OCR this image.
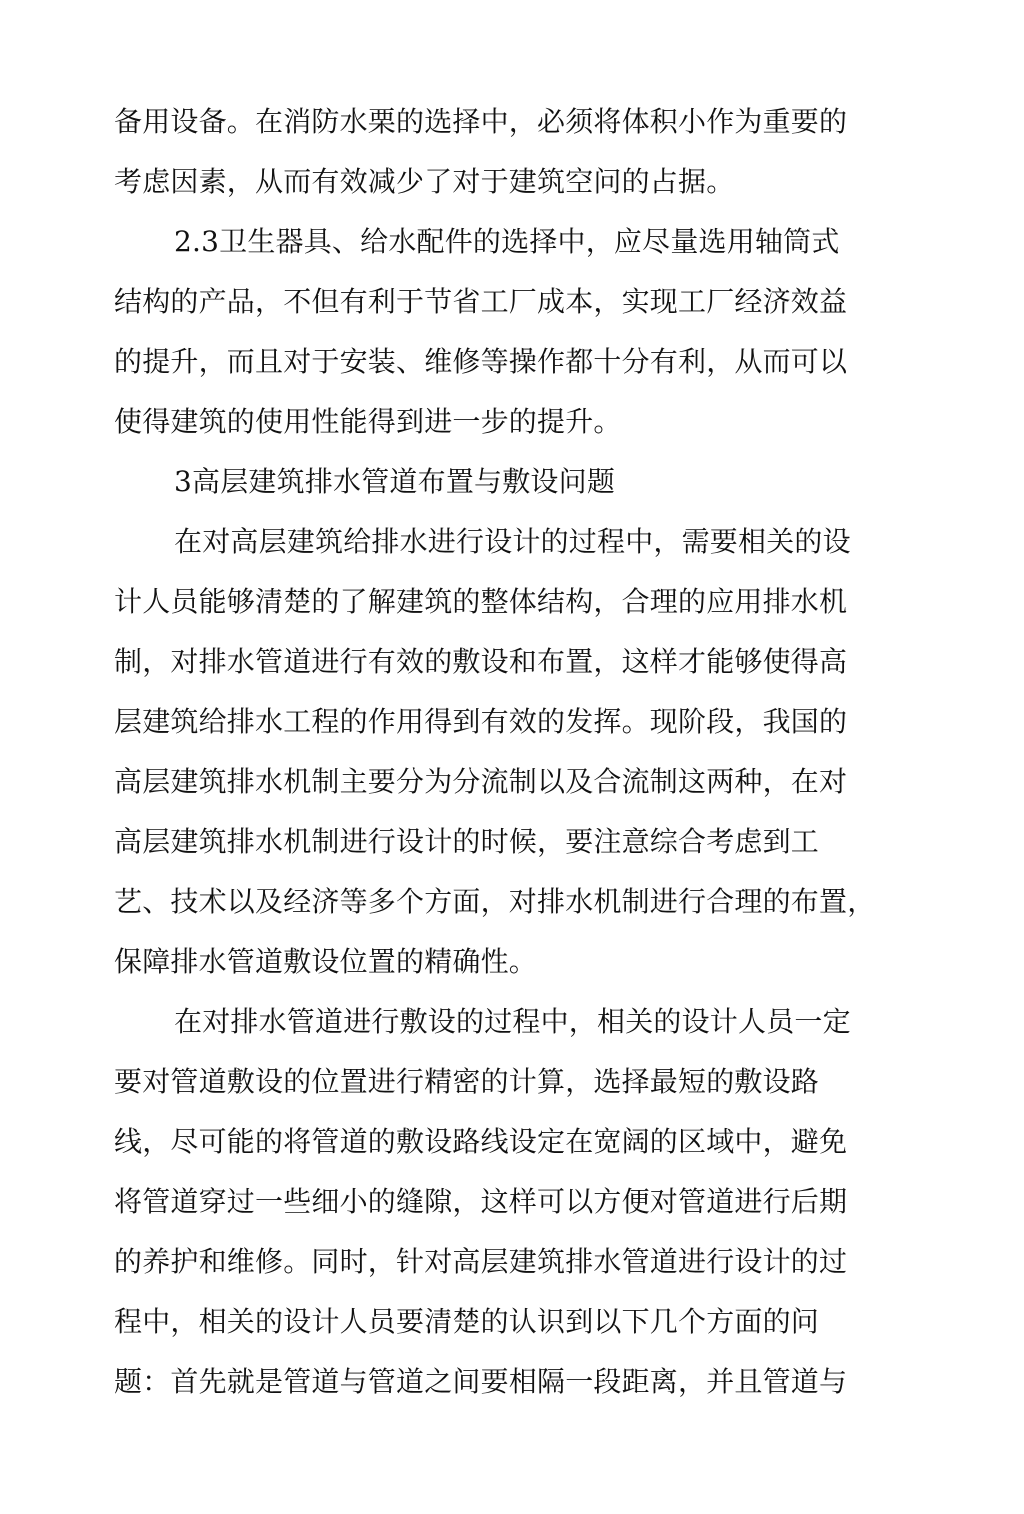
备用设备。在消防水栗的选择中，必须将体积小作为重要的
考虑因素，从而有效减少了对于建筑空问的占据。
2.3卫生器具、给水配件的选择中，应尽量选用轴筒式
结构的产品，不但有利于节省工厂成本，实现工厂经济效益
的提升，而且对于安装、维修等操作都十分有利，从而可以
使得建筑的使用性能得到进一步的提升。
3高层建筑排水管道布置与敷设问题
在对高层建筑给排水进行设计的过程中，需要相关的设
计人员能够清楚的了解建筑的整体结构，合理的应用排水机
制，对排水管道进行有效的敷设和布置，这样才能够使得高
层建筑给排水工程的作用得到有效的发挥。现阶段，我国的
高层建筑排水机制主要分为分流制以及合流制这两种，在对
高层建筑排水机制进行设计的时候，要注意综合考虑到工
艺、技术以及经济等多个方面，对排水机制进行合理的布置，
保障排水管道敷设位置的精确性。
在对排水管道进行敷设的过程中，相关的设计人员一定
要对管道敷设的位置进行精密的计算，选择最短的敷设路
线，尽可能的将管道的敷设路线设定在宽阔的区域中，避免
将管道穿过一些细小的缝隙，这样可以方便对管道进行后期
的养护和维修。同时，针对高层建筑排水管道进行设计的过
程中，相关的设计人员要清楚的认识到以下几个方面的问
题：首先就是管道与管道之间要相隔一段距离，并且管道与
